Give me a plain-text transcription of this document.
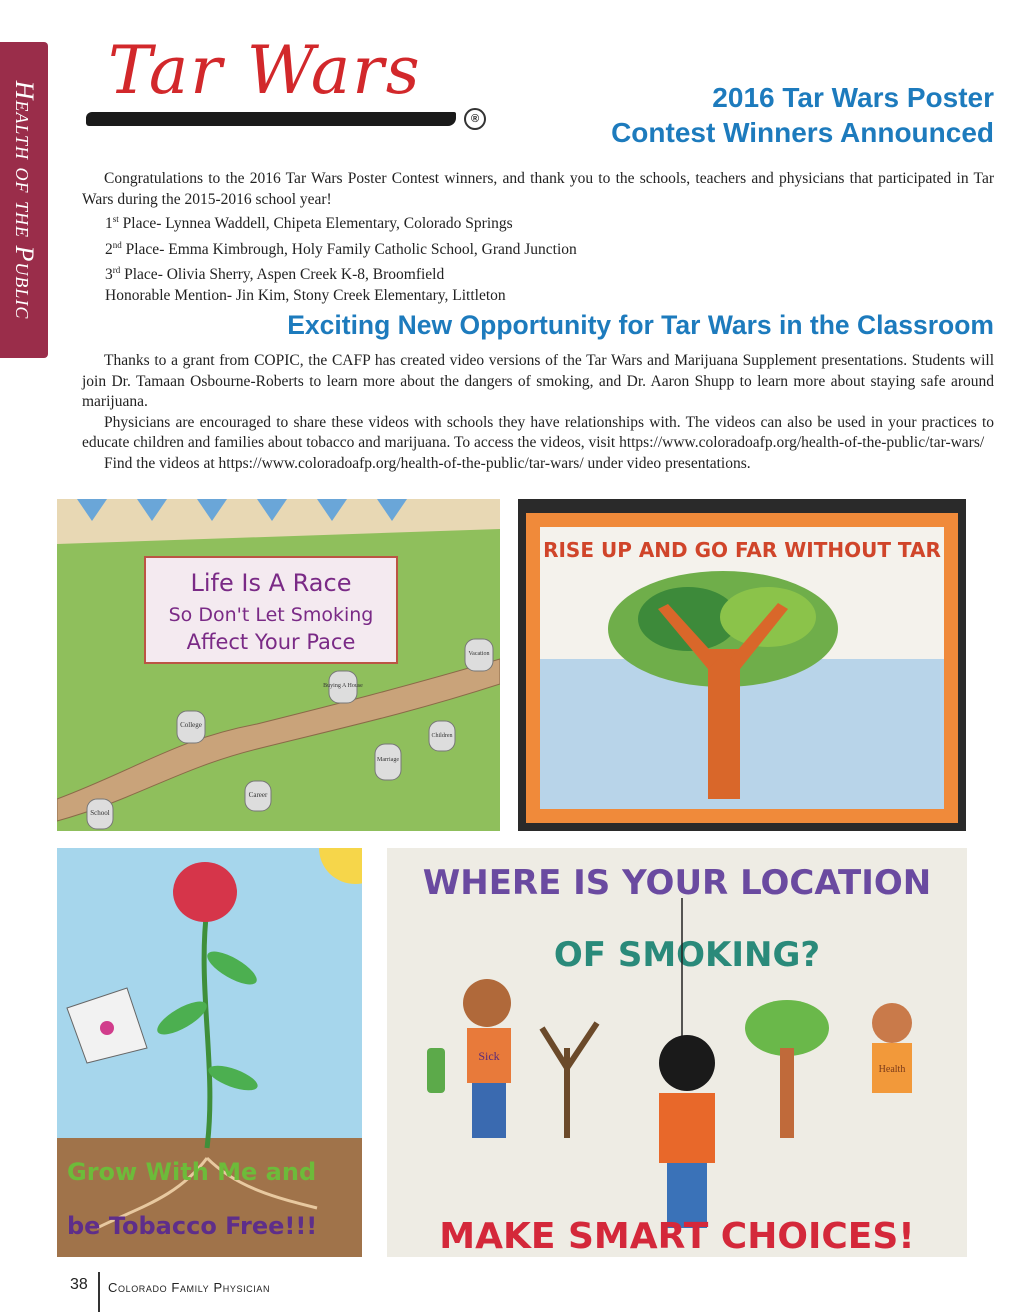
Health of the Public
Tar Wars
®
2016 Tar Wars Poster
Contest Winners Announced

Congratulations to the 2016 Tar Wars Poster Contest winners, and thank you to the schools, teachers and physicians that participated in Tar Wars during the 2015-2016 school year!

1st Place- Lynnea Waddell, Chipeta Elementary, Colorado Springs
2nd Place- Emma Kimbrough, Holy Family Catholic School, Grand Junction
3rd Place- Olivia Sherry, Aspen Creek K-8, Broomfield
Honorable Mention- Jin Kim, Stony Creek Elementary, Littleton
Exciting New Opportunity for Tar Wars in the Classroom

Thanks to a grant from COPIC, the CAFP has created video versions of the Tar Wars and Marijuana Supplement presentations. Students will join Dr. Tamaan Osbourne-Roberts to learn more about the dangers of smoking, and Dr. Aaron Shupp to learn more about staying safe around marijuana.

Physicians are encouraged to share these videos with schools they have relationships with. The videos can also be used in your practices to educate children and families about tobacco and marijuana. To access the videos, visit https://www.coloradoafp.org/health-of-the-public/tar-wars/

Find the videos at https://www.coloradoafp.org/health-of-the-public/tar-wars/ under video presentations.

Life Is A Race
So Don't Let Smoking
Affect Your Pace
School
College
Career
Marriage
Buying A House
Children
Vacation
RISE UP AND GO FAR WITHOUT TAR
Grow With Me and
be Tobacco Free!!!
WHERE IS YOUR LOCATION
OF SMOKING?
Sick
Health
MAKE SMART CHOICES!
38 Colorado Family Physician
